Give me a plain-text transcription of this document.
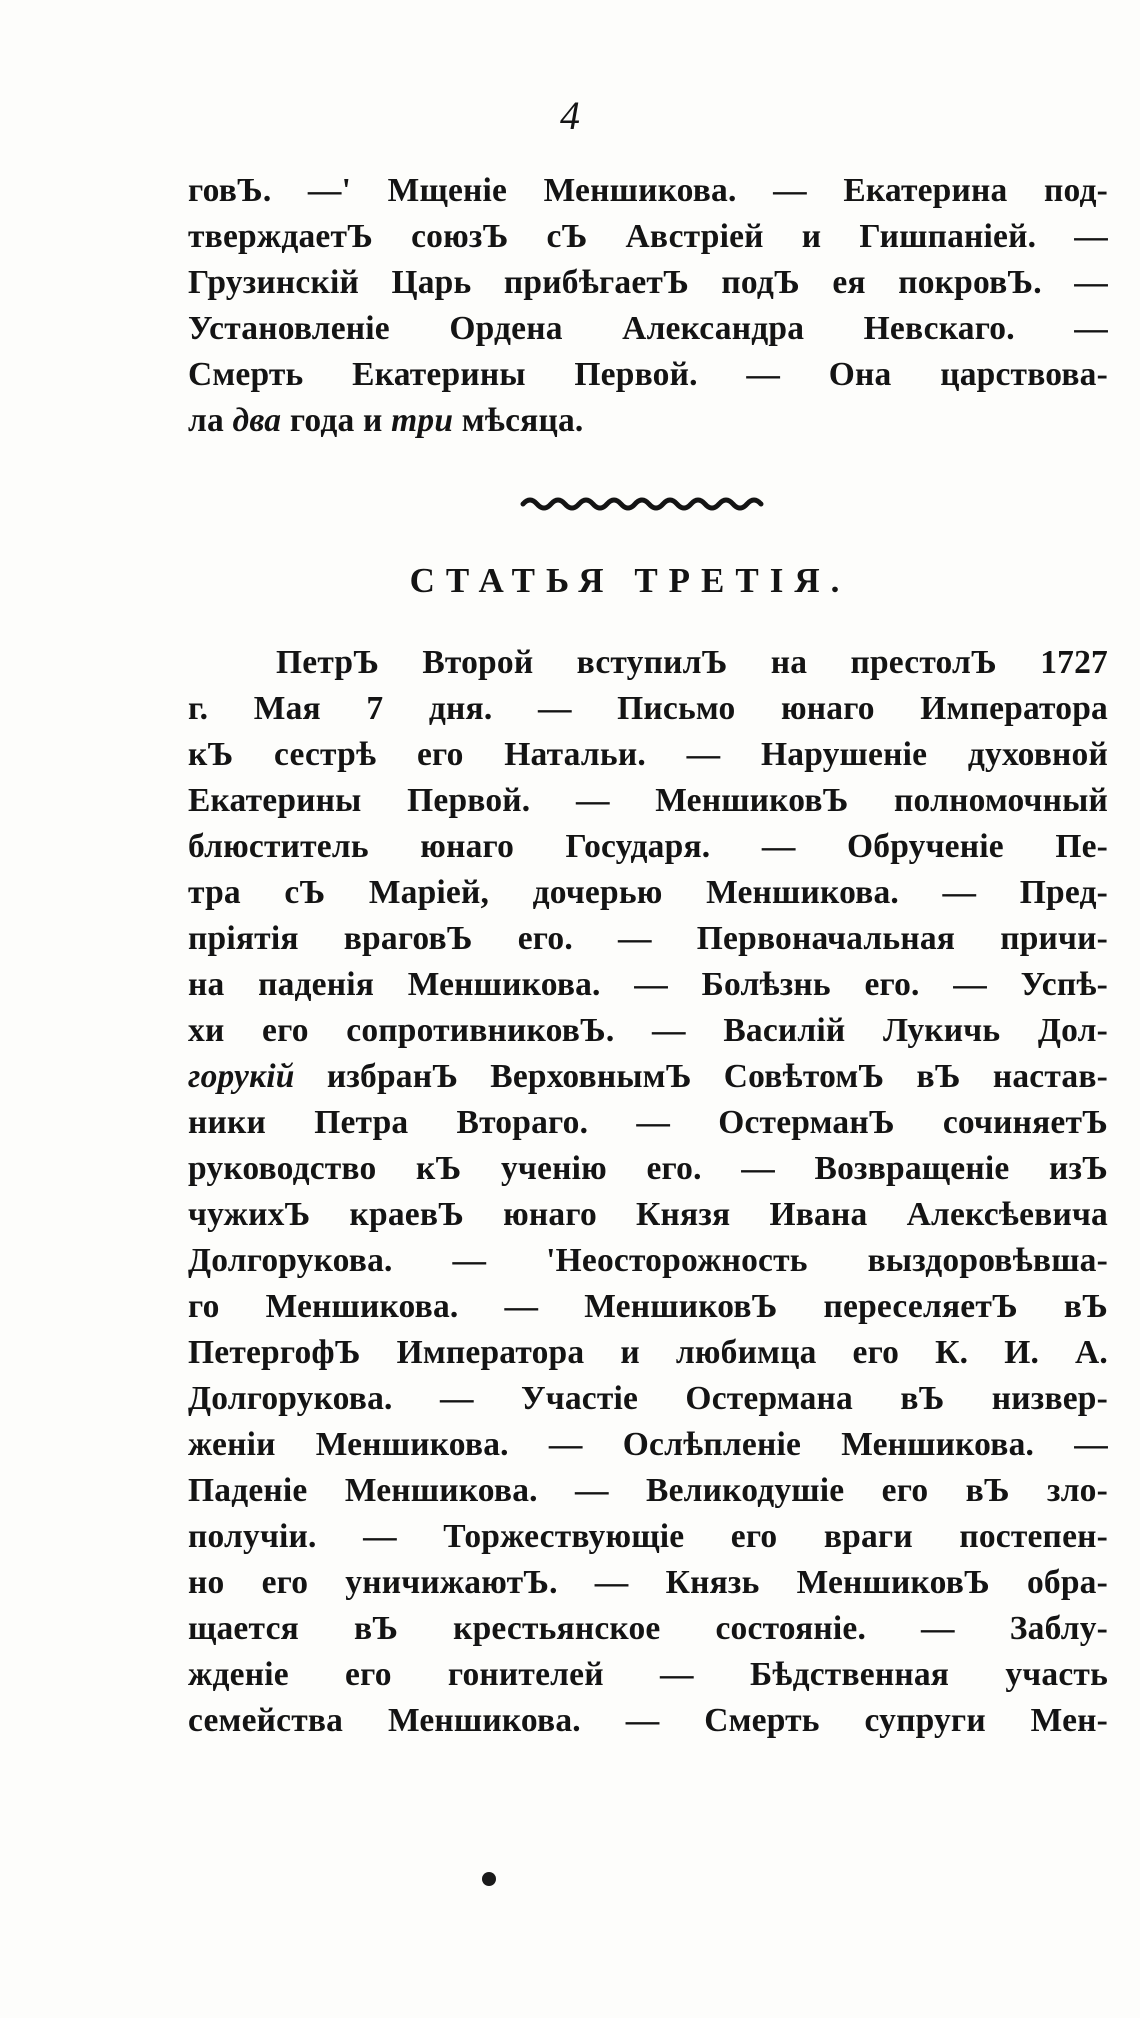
4
говЪ. —' Мщеніе Меншикова. — Екатерина под-
тверждаетЪ союзЪ сЪ Австріей и Гишпаніей. —
Грузинскій Царь прибѣгаетЪ подЪ ея покровЪ. —
Установленіе Ордена Александра Невскаго. —
Смерть Екатерины Первой. — Она царствова-
ла два года и три мѣсяца.
СТАТЬЯ ТРЕТІЯ.
ПетрЪ Второй вступилЪ на престолЪ 1727
г. Мая 7 дня. — Письмо юнаго Императора
кЪ сестрѣ его Натальи. — Нарушеніе духовной
Екатерины Первой. — МеншиковЪ полномочный
блюститель юнаго Государя. — Обрученіе Пе-
тра сЪ Маріей, дочерью Меншикова. — Пред-
пріятія враговЪ его. — Первоначальная причи-
на паденія Меншикова. — Болѣзнь его. — Успѣ-
хи его сопротивниковЪ. — Василій Лукичь Дол-
горукій избранЪ ВерховнымЪ СовѣтомЪ вЪ настав-
ники Петра Втораго. — ОстерманЪ сочиняетЪ
руководство кЪ ученію его. — Возвращеніе изЪ
чужихЪ краевЪ юнаго Князя Ивана Алексѣевича
Долгорукова. — 'Неосторожность выздоровѣвша-
го Меншикова. — МеншиковЪ переселяетЪ вЪ
ПетергофЪ Императора и любимца его К. И. А.
Долгорукова. — Участіе Остермана вЪ низвер-
женіи Меншикова. — Ослѣпленіе Меншикова. —
Паденіе Меншикова. — Великодушіе его вЪ зло-
получіи. — Торжествующіе его враги постепен-
но его уничижаютЪ. — Князь МеншиковЪ обра-
щается вЪ крестьянское состояніе. — Заблу-
жденіе его гонителей — Бѣдственная участь
семейства Меншикова. — Смерть супруги Мен-
